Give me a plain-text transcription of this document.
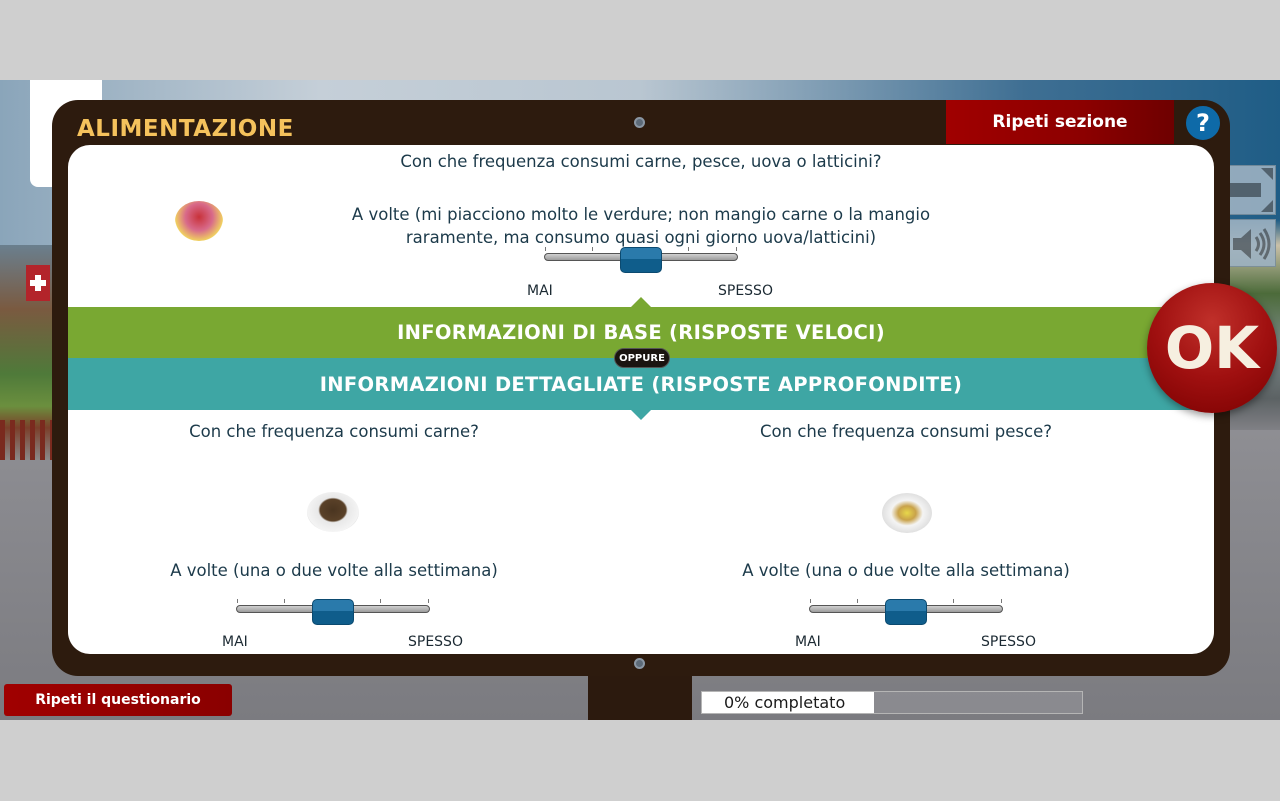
ALIMENTAZIONE	Ripeti sezione
Con che frequenza consumi carne, pesce, uova o latticini?
A volte (mi piacciono molto le verdure; non mangio carne o la mangio
raramente, ma consumo quasi ogni giorno uova/latticini)
MAI	SPESSO
INFORMAZIONI DI BASE (RISPOSTE VELOCI)
INFORMAZIONI DETTAGLIATE (RISPOSTE APPROFONDITE)
OPPURE
Con che frequenza consumi carne?
A volte (una o due volte alla settimana)
MAI	SPESSO
Con che frequenza consumi pesce?
A volte (una o due volte alla settimana)
MAI	SPESSO
OK
Ripeti il questionario	0% completato
?
